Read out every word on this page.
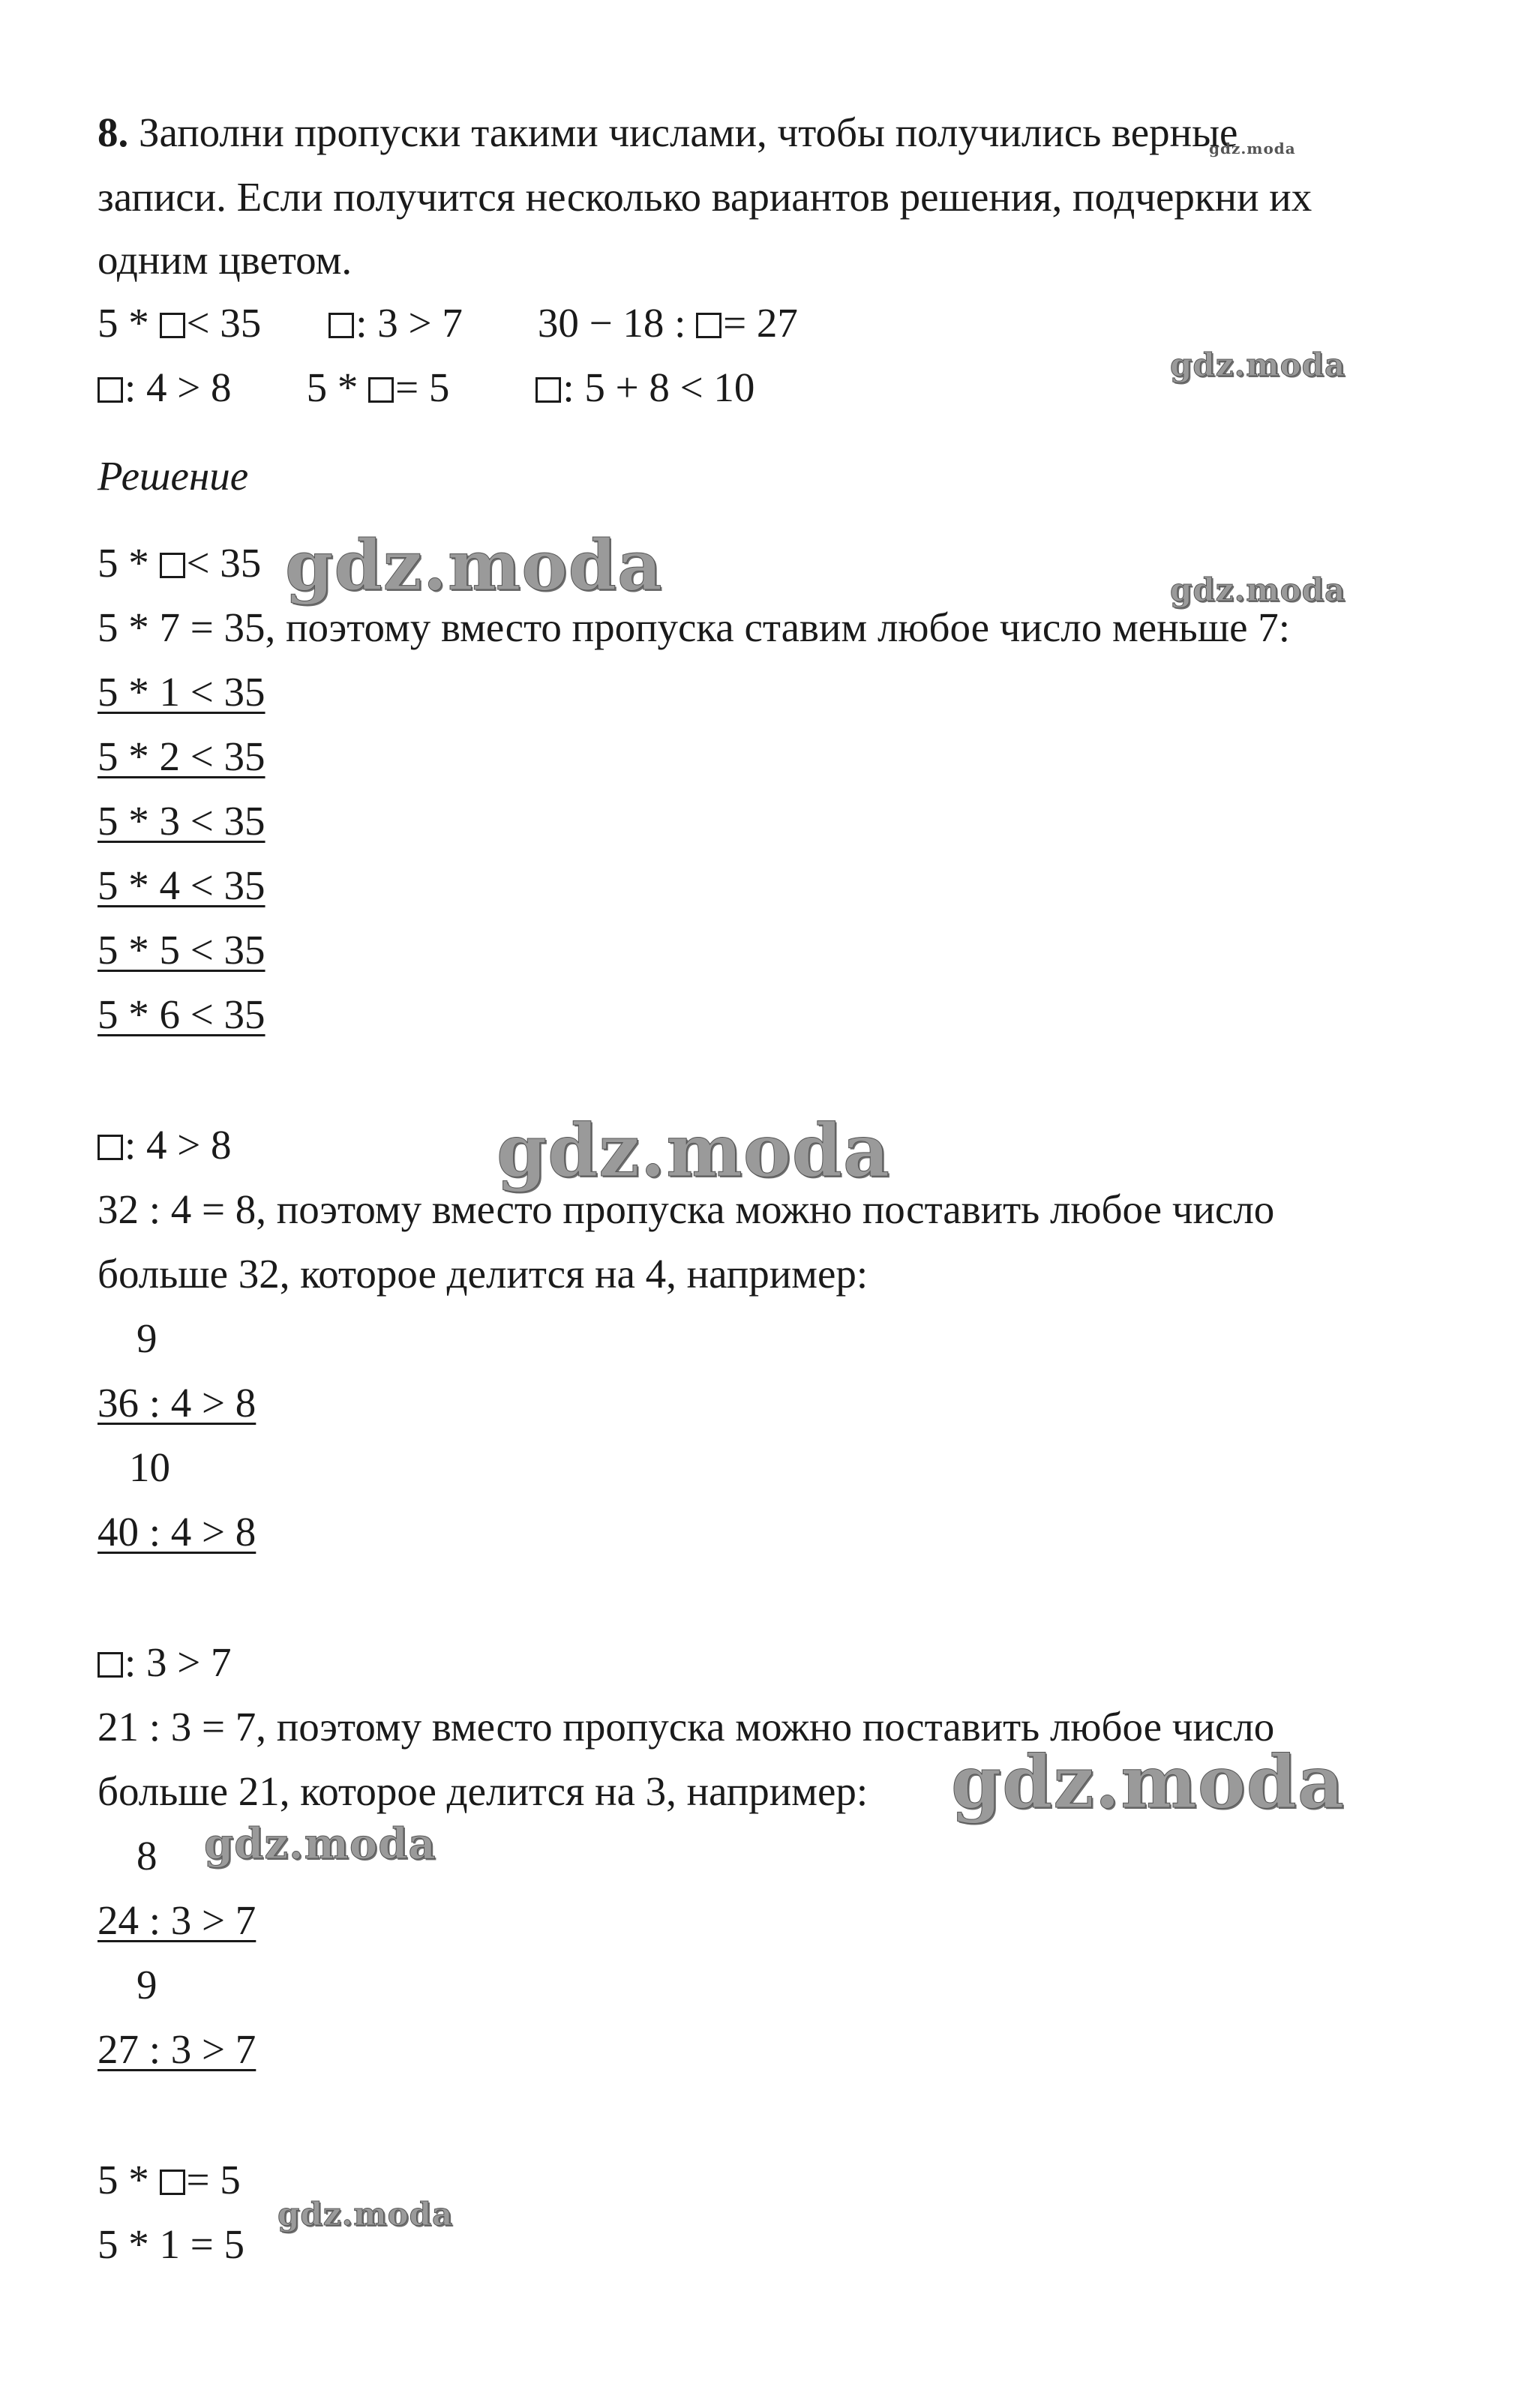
8. Заполни пропуски такими числами, чтобы получились верные
записи. Если получится несколько вариантов решения, подчеркни их
одним цветом.
5 * < 35 : 3 > 7 30 − 18 : = 27
: 4 > 8 5 * = 5	: 5 + 8 < 10
Решение
5 * < 35
5 * 7 = 35, поэтому вместо пропуска ставим любое число меньше 7:
5 * 1 < 35
5 * 2 < 35
5 * 3 < 35
5 * 4 < 35
5 * 5 < 35
5 * 6 < 35
: 4 > 8
32 : 4 = 8, поэтому вместо пропуска можно поставить любое число
больше 32, которое делится на 4, например:
9
36 : 4 > 8
10
40 : 4 > 8
: 3 > 7
21 : 3 = 7, поэтому вместо пропуска можно поставить любое число
больше 21, которое делится на 3, например:
8
24 : 3 > 7
9
27 : 3 > 7
5 * = 5
5 * 1 = 5
gdz.moda
gdz.moda
gdz.moda	gdz.moda
gdz.moda
gdz.moda
gdz.moda
gdz.moda
